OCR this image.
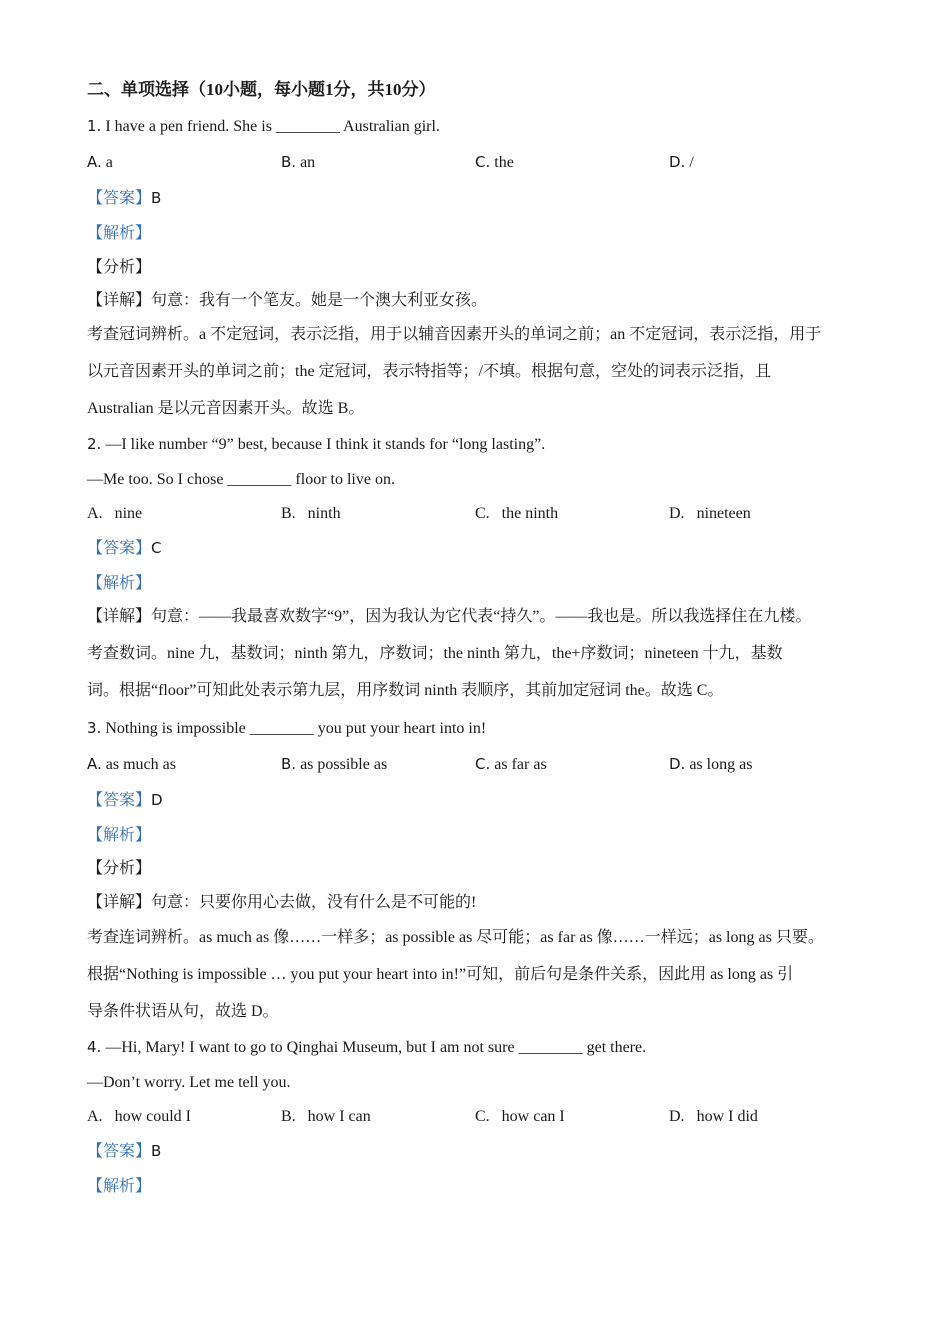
二、单项选择（10小题，每小题1分，共10分）
1. I have a pen friend. She is ________ Australian girl.
A. a	B. an	C. the	D. /
【答案】B
【解析】
【分析】
【详解】句意：我有一个笔友。她是一个澳大利亚女孩。
考查冠词辨析。a 不定冠词，表示泛指，用于以辅音因素开头的单词之前；an 不定冠词，表示泛指，用于
以元音因素开头的单词之前；the 定冠词，表示特指等；/不填。根据句意，空处的词表示泛指，且
Australian 是以元音因素开头。故选 B。
2. —I like number “9” best, because I think it stands for “long lasting”.
—Me too. So I chose ________ floor to live on.
A. nine	B. ninth	C. the ninth	D. nineteen
【答案】C
【解析】
【详解】句意：——我最喜欢数字“9”，因为我认为它代表“持久”。——我也是。所以我选择住在九楼。
考查数词。nine 九，基数词；ninth 第九，序数词；the ninth 第九，the+序数词；nineteen 十九，基数
词。根据“floor”可知此处表示第九层，用序数词 ninth 表顺序，其前加定冠词 the。故选 C。
3. Nothing is impossible ________ you put your heart into in!
A. as much as	B. as possible as	C. as far as	D. as long as
【答案】D
【解析】
【分析】
【详解】句意：只要你用心去做，没有什么是不可能的!
考查连词辨析。as much as 像……一样多；as possible as 尽可能；as far as 像……一样远；as long as 只要。
根据“Nothing is impossible … you put your heart into in!”可知，前后句是条件关系，因此用 as long as 引
导条件状语从句，故选 D。
4. —Hi, Mary! I want to go to Qinghai Museum, but I am not sure ________ get there.
—Don’t worry. Let me tell you.
A. how could I	B. how I can	C. how can I	D. how I did
【答案】B
【解析】
